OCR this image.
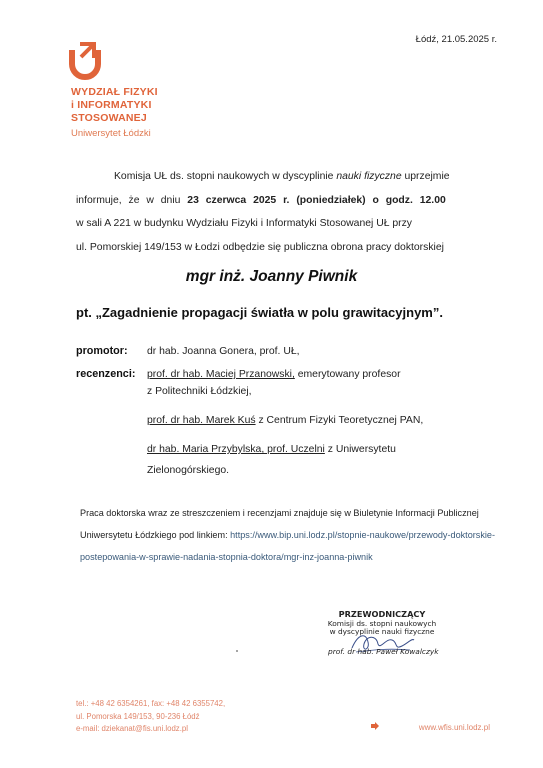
Łódź, 21.05.2025 r.
WYDZIAŁ FIZYKI
i INFORMATYKI
STOSOWANEJ
Uniwersytet Łódzki
Komisja UŁ ds. stopni naukowych w dyscyplinie nauki fizyczne uprzejmie
informuje, że w dniu 23 czerwca 2025 r. (poniedziałek) o godz. 12.00
w sali A 221 w budynku Wydziału Fizyki i Informatyki Stosowanej UŁ przy
ul. Pomorskiej 149/153 w Łodzi odbędzie się publiczna obrona pracy doktorskiej
mgr inż. Joanny Piwnik
pt. „Zagadnienie propagacji światła w polu grawitacyjnym”.
promotor: dr hab. Joanna Gonera, prof. UŁ,
recenzenci: prof. dr hab. Maciej Przanowski, emerytowany profesor
z Politechniki Łódzkiej,
prof. dr hab. Marek Kuś z Centrum Fizyki Teoretycznej PAN,
dr hab. Maria Przybylska, prof. Uczelni z Uniwersytetu
Zielonogórskiego.
Praca doktorska wraz ze streszczeniem i recenzjami znajduje się w Biuletynie Informacji Publicznej Uniwersytetu Łódzkiego pod linkiem: https://www.bip.uni.lodz.pl/stopnie-naukowe/przewody-doktorskie-postepowania-w-sprawie-nadania-stopnia-doktora/mgr-inz-joanna-piwnik
PRZEWODNICZĄCY
Komisji ds. stopni naukowych
w dyscyplinie nauki fizyczne
prof. dr hab. Paweł Kowalczyk
tel.: +48 42 6354261, fax: +48 42 6355742,
ul. Pomorska 149/153, 90-236 Łódź
e-mail: dziekanat@fis.uni.lodz.pl	www.wfis.uni.lodz.pl
